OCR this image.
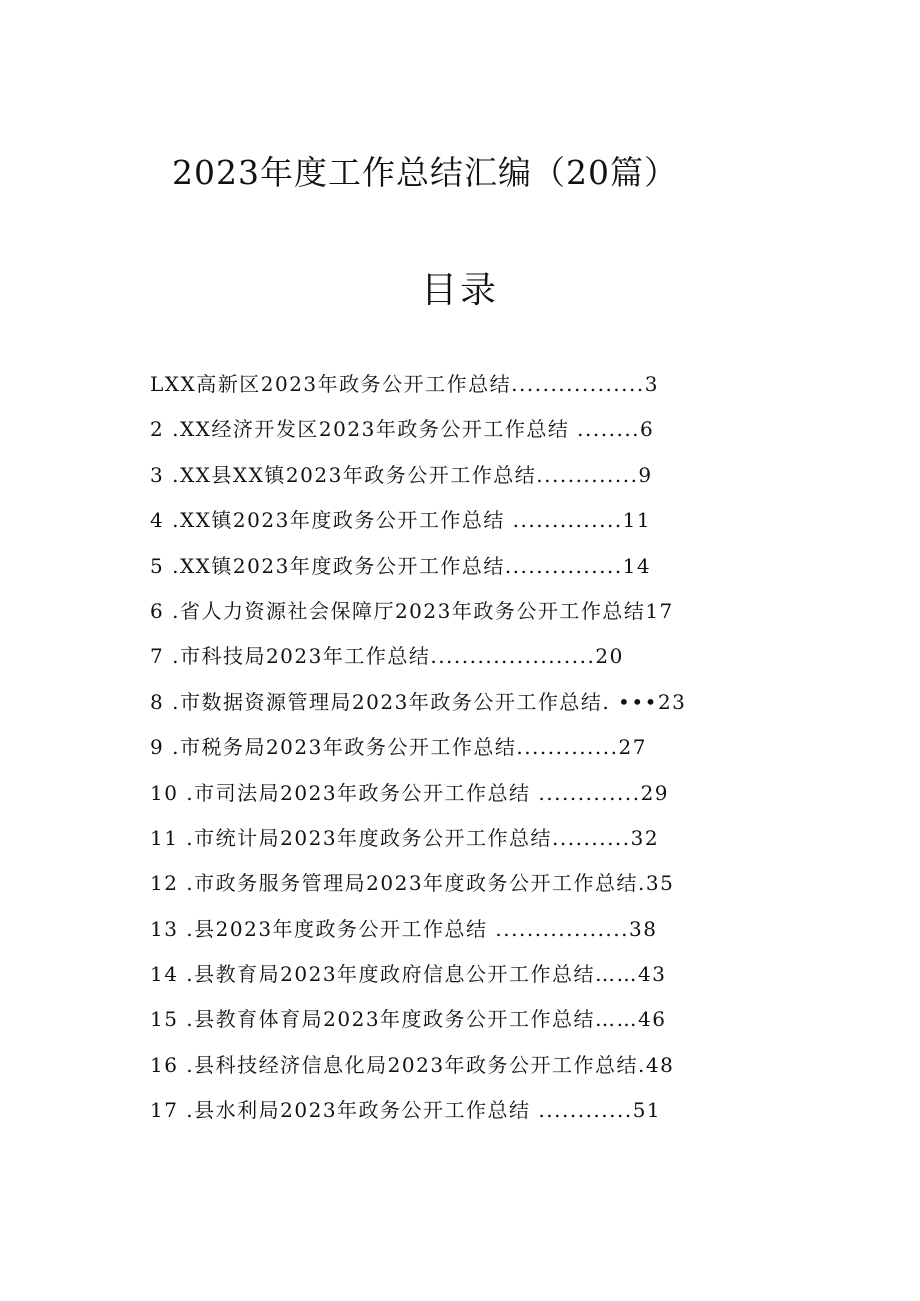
2023年度工作总结汇编（20篇）
目录
LXX高新区2023年政务公开工作总结.................3
2 .XX经济开发区2023年政务公开工作总结 ........6
3 .XX县XX镇2023年政务公开工作总结.............9
4 .XX镇2023年度政务公开工作总结 ..............11
5 .XX镇2023年度政务公开工作总结...............14
6 .省人力资源社会保障厅2023年政务公开工作总结17
7 .市科技局2023年工作总结.....................20
8 .市数据资源管理局2023年政务公开工作总结. •••23
9 .市税务局2023年政务公开工作总结.............27
10 .市司法局2023年政务公开工作总结 .............29
11 .市统计局2023年度政务公开工作总结..........32
12 .市政务服务管理局2023年度政务公开工作总结.35
13 .县2023年度政务公开工作总结 .................38
14 .县教育局2023年度政府信息公开工作总结……43
15 .县教育体育局2023年度政务公开工作总结……46
16 .县科技经济信息化局2023年政务公开工作总结.48
17 .县水利局2023年政务公开工作总结 ............51
